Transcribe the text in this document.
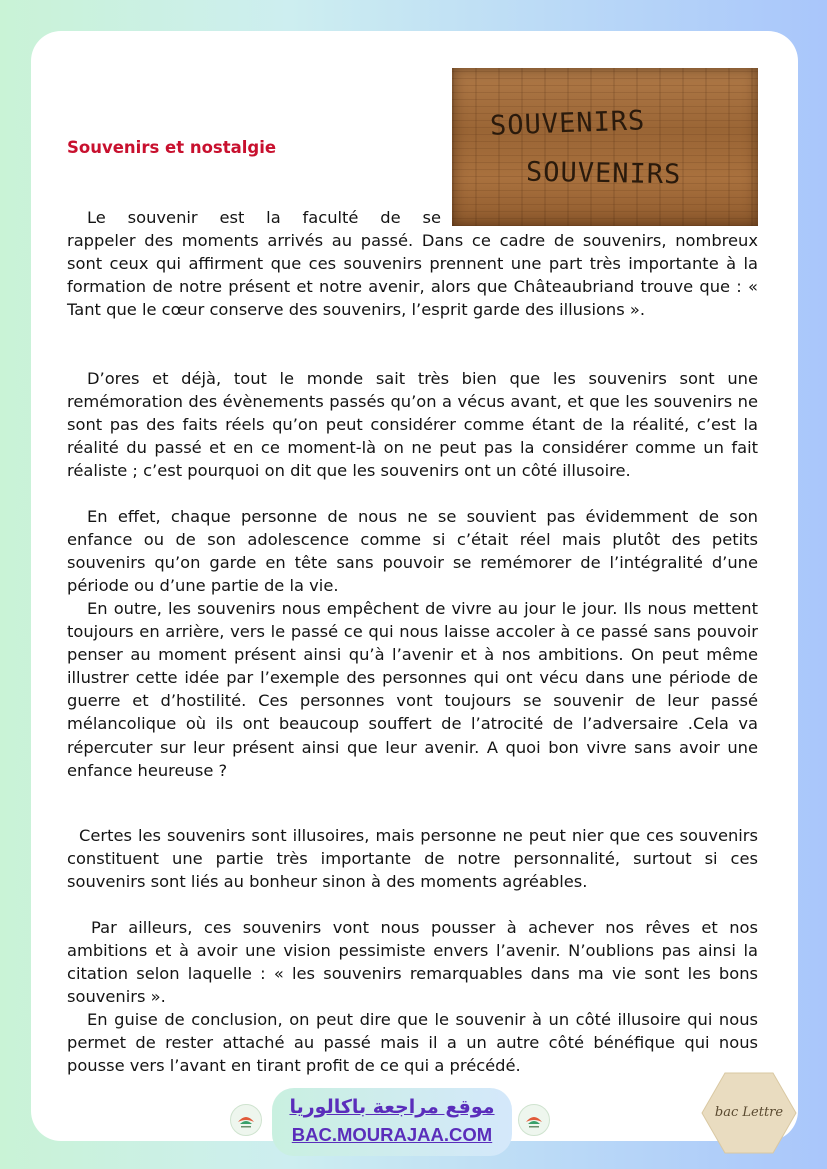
SOUVENIRS
SOUVENIRS
Souvenirs et nostalgie

Le souvenir est la faculté de se

rappeler des moments arrivés au passé. Dans ce cadre de souvenirs, nombreux sont ceux qui affirment que ces souvenirs prennent une part très importante à la formation de notre présent et notre avenir, alors que Châteaubriand trouve que : « Tant que le cœur conserve des souvenirs, l’esprit garde des illusions ».

D’ores et déjà, tout le monde sait très bien que les souvenirs sont une remémoration des évènements passés qu’on a vécus avant, et que les souvenirs ne sont pas des faits réels qu’on peut considérer comme étant de la réalité, c’est la réalité du passé et en ce moment-là on ne peut pas la considérer comme un fait réaliste ; c’est pourquoi on dit que les souvenirs ont un côté illusoire.

En effet, chaque personne de nous ne se souvient pas évidemment de son enfance ou de son adolescence comme si c’était réel mais plutôt des petits souvenirs qu’on garde en tête sans pouvoir se remémorer de l’intégralité d’une période ou d’une partie de la vie.

En outre, les souvenirs nous empêchent de vivre au jour le jour. Ils nous mettent toujours en arrière, vers le passé ce qui nous laisse accoler à ce passé sans pouvoir penser au moment présent ainsi qu’à l’avenir et à nos ambitions. On peut même illustrer cette idée par l’exemple des personnes qui ont vécu dans une période de guerre et d’hostilité. Ces personnes vont toujours se souvenir de leur passé mélancolique où ils ont beaucoup souffert de l’atrocité de l’adversaire .Cela va répercuter sur leur présent ainsi que leur avenir. A quoi bon vivre sans avoir une enfance heureuse ?

Certes les souvenirs sont illusoires, mais personne ne peut nier que ces souvenirs constituent une partie très importante de notre personnalité, surtout si ces souvenirs sont liés au bonheur sinon à des moments agréables.

Par ailleurs, ces souvenirs vont nous pousser à achever nos rêves et nos ambitions et à avoir une vision pessimiste envers l’avenir. N’oublions pas ainsi la citation selon laquelle : « les souvenirs remarquables dans ma vie sont les bons souvenirs ».

En guise de conclusion, on peut dire que le souvenir à un côté illusoire qui nous permet de rester attaché au passé mais il a un autre côté bénéfique qui nous pousse vers l’avant en tirant profit de ce qui a précédé.

موقع مراجعة باكالوريا
BAC.MOURAJAA.COM
bac Lettre
